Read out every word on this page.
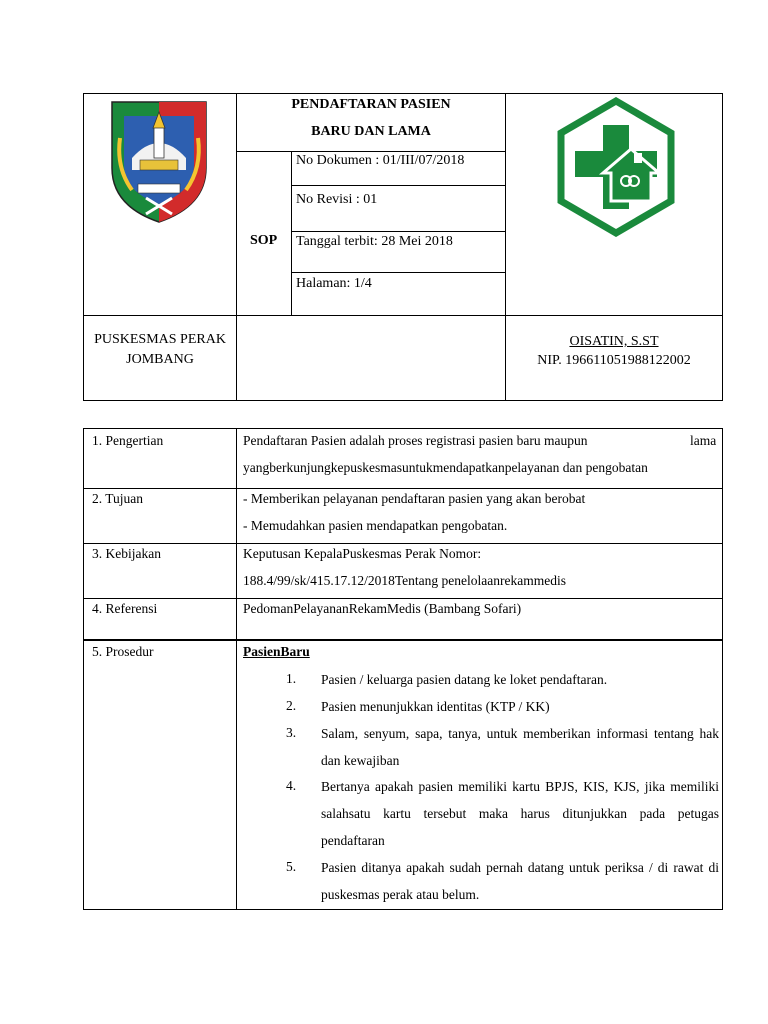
PENDAFTARAN PASIEN
BARU DAN LAMA
SOP
No Dokumen : 01/III/07/2018
No Revisi : 01
Tanggal terbit: 28 Mei 2018
Halaman: 1/4
PUSKESMAS PERAK
JOMBANG
OISATIN, S.ST
NIP. 196611051988122002
1. Pengertian	Pendaftaran Pasien adalah proses registrasi pasien baru maupun	lama
yangberkunjungkepuskesmasuntukmendapatkanpelayanan dan pengobatan
2. Tujuan	- Memberikan pelayanan pendaftaran pasien yang akan berobat
- Memudahkan pasien mendapatkan pengobatan.
3. Kebijakan	Keputusan KepalaPuskesmas Perak Nomor:
188.4/99/sk/415.17.12/2018Tentang penelolaanrekammedis
4. Referensi	PedomanPelayananRekamMedis (Bambang Sofari)
5. Prosedur	PasienBaru
1.	Pasien / keluarga pasien datang ke loket pendaftaran.
2.	Pasien menunjukkan identitas (KTP / KK)
3.	Salam, senyum, sapa, tanya, untuk memberikan informasi tentang hak dan kewajiban
4.	Bertanya apakah pasien memiliki kartu BPJS, KIS, KJS, jika memiliki salahsatu kartu tersebut maka harus ditunjukkan pada petugas pendaftaran
5.	Pasien ditanya apakah sudah pernah datang untuk periksa / di rawat di puskesmas perak atau belum.
